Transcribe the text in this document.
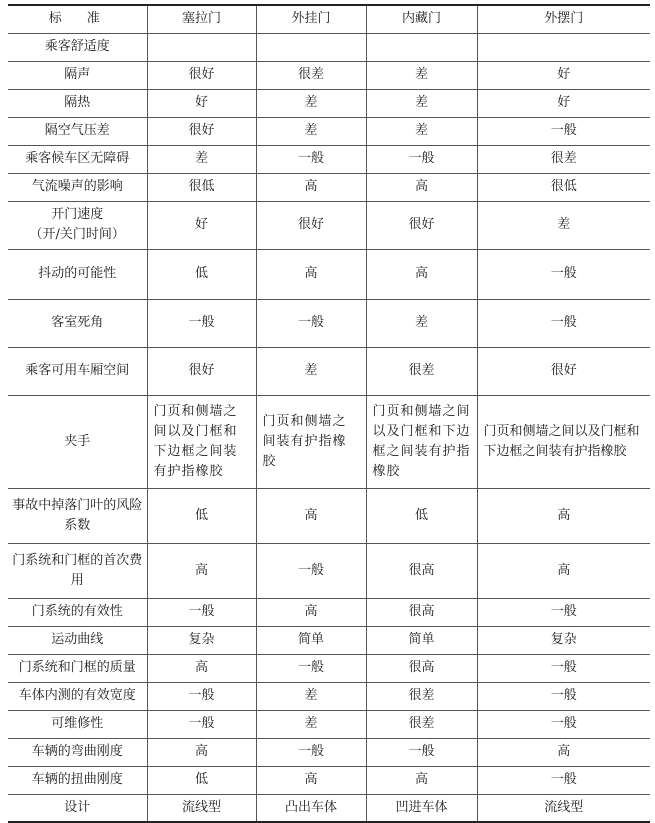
标　准	塞拉门	外挂门	内藏门	外摆门
乘客舒适度				
隔声	很好	很差	差	好
隔热	好	差	差	好
隔空气压差	很好	差	差	一般
乘客候车区无障碍	差	一般	一般	很差
气流噪声的影响	很低	高	高	很低
开门速度
（开/关门时间）	好	很好	很好	差
抖动的可能性	低	高	高	一般
客室死角	一般	一般	差	一般
乘客可用车厢空间	很好	差	很差	很好
夹手	门页和侧墙之间以及门框和下边框之间装有护指橡胶	门页和侧墙之间装有护指橡胶	门页和侧墙之间以及门框和下边框之间装有护指橡胶	门页和侧墙之间以及门框和下边框之间装有护指橡胶
事故中掉落门叶的风险系数	低	高	低	高
门系统和门框的首次费用	高	一般	很高	高
门系统的有效性	一般	高	很高	一般
运动曲线	复杂	简单	简单	复杂
门系统和门框的质量	高	一般	很高	一般
车体内测的有效宽度	一般	差	很差	一般
可维修性	一般	差	很差	一般
车辆的弯曲刚度	高	一般	一般	高
车辆的扭曲刚度	低	高	高	一般
设计	流线型	凸出车体	凹进车体	流线型
